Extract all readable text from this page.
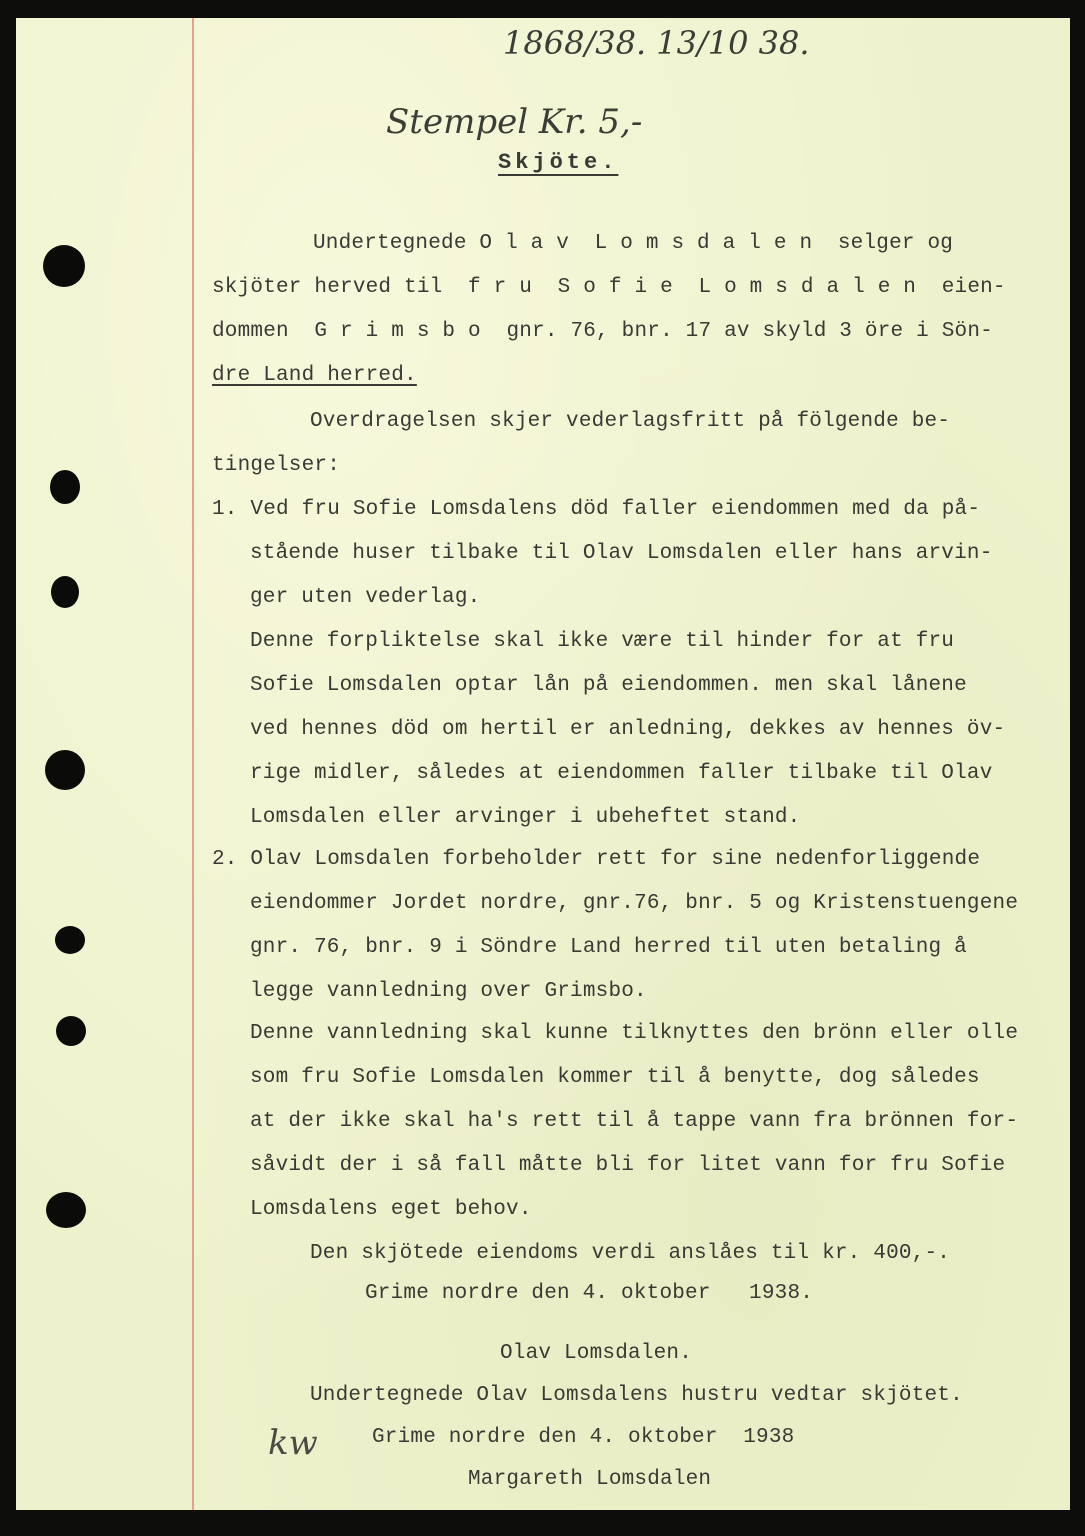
1868/38. 13/10 38.
Stempel Kr. 5,-
Skjöte.
Undertegnede O l a v  L o m s d a l e n  selger og
skjöter herved til  f r u  S o f i e  L o m s d a l e n  eien-
dommen  G r i m s b o  gnr. 76, bnr. 17 av skyld 3 öre i Sön-
dre Land herred.
Overdragelsen skjer vederlagsfritt på fölgende be-
tingelser:
1. Ved fru Sofie Lomsdalens död faller eiendommen med da på-
stående huser tilbake til Olav Lomsdalen eller hans arvin-
ger uten vederlag.
Denne forpliktelse skal ikke være til hinder for at fru
Sofie Lomsdalen optar lån på eiendommen. men skal lånene
ved hennes död om hertil er anledning, dekkes av hennes öv-
rige midler, således at eiendommen faller tilbake til Olav
Lomsdalen eller arvinger i ubeheftet stand.
2. Olav Lomsdalen forbeholder rett for sine nedenforliggende
eiendommer Jordet nordre, gnr.76, bnr. 5 og Kristenstuengene
gnr. 76, bnr. 9 i Söndre Land herred til uten betaling å
legge vannledning over Grimsbo.
Denne vannledning skal kunne tilknyttes den brönn eller olle
som fru Sofie Lomsdalen kommer til å benytte, dog således
at der ikke skal ha's rett til å tappe vann fra brönnen for-
såvidt der i så fall måtte bli for litet vann for fru Sofie
Lomsdalens eget behov.
Den skjötede eiendoms verdi anslåes til kr. 400,-.
Grime nordre den 4. oktober   1938.
Olav Lomsdalen.
Undertegnede Olav Lomsdalens hustru vedtar skjötet.
Grime nordre den 4. oktober  1938
Margareth Lomsdalen
kw
